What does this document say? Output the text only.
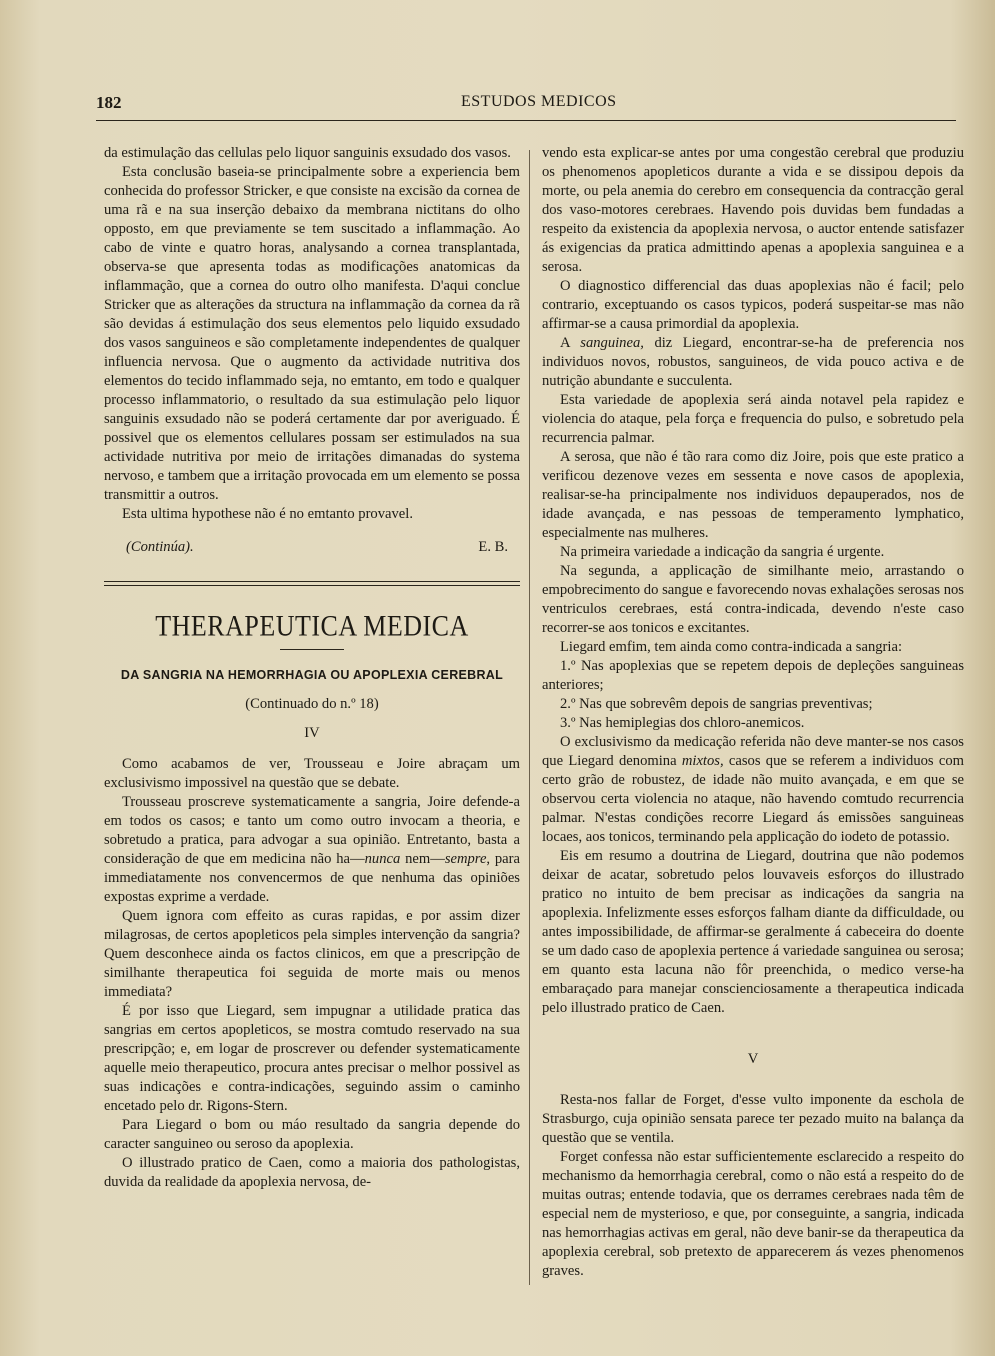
182	ESTUDOS MEDICOS

da estimulação das cellulas pelo liquor sanguinis exsudado dos vasos.

Esta conclusão baseia-se principalmente sobre a experiencia bem conhecida do professor Stricker, e que consiste na excisão da cornea de uma rã e na sua inserção debaixo da membrana nictitans do olho opposto, em que previamente se tem suscitado a inflammação. Ao cabo de vinte e quatro horas, analysando a cornea transplantada, observa-se que apresenta todas as modificações anatomicas da inflammação, que a cornea do outro olho manifesta. D'aqui conclue Stricker que as alterações da structura na inflammação da cornea da rã são devidas á estimulação dos seus elementos pelo liquido exsudado dos vasos sanguineos e são completamente independentes de qualquer influencia nervosa. Que o augmento da actividade nutritiva dos elementos do tecido inflammado seja, no emtanto, em todo e qualquer processo inflammatorio, o resultado da sua estimulação pelo liquor sanguinis exsudado não se poderá certamente dar por averiguado. É possivel que os elementos cellulares possam ser estimulados na sua actividade nutritiva por meio de irritações dimanadas do systema nervoso, e tambem que a irritação provocada em um elemento se possa transmittir a outros.

Esta ultima hypothese não é no emtanto provavel.

(Continúa).	E. B.
THERAPEUTICA MEDICA
DA SANGRIA NA HEMORRHAGIA OU APOPLEXIA CEREBRAL
(Continuado do n.º 18)
IV

Como acabamos de ver, Trousseau e Joire abraçam um exclusivismo impossivel na questão que se debate.

Trousseau proscreve systematicamente a sangria, Joire defende-a em todos os casos; e tanto um como outro invocam a theoria, e sobretudo a pratica, para advogar a sua opinião. Entretanto, basta a consideração de que em medicina não ha—nunca nem—sempre, para immediatamente nos convencermos de que nenhuma das opiniões expostas exprime a verdade.

Quem ignora com effeito as curas rapidas, e por assim dizer milagrosas, de certos apopleticos pela simples intervenção da sangria? Quem desconhece ainda os factos clinicos, em que a prescripção de similhante therapeutica foi seguida de morte mais ou menos immediata?

É por isso que Liegard, sem impugnar a utilidade pratica das sangrias em certos apopleticos, se mostra comtudo reservado na sua prescripção; e, em logar de proscrever ou defender systematicamente aquelle meio therapeutico, procura antes precisar o melhor possivel as suas indicações e contra-indicações, seguindo assim o caminho encetado pelo dr. Rigons-Stern.

Para Liegard o bom ou máo resultado da sangria depende do caracter sanguineo ou seroso da apoplexia.

O illustrado pratico de Caen, como a maioria dos pathologistas, duvida da realidade da apoplexia nervosa, de-

vendo esta explicar-se antes por uma congestão cerebral que produziu os phenomenos apopleticos durante a vida e se dissipou depois da morte, ou pela anemia do cerebro em consequencia da contracção geral dos vaso-motores cerebraes. Havendo pois duvidas bem fundadas a respeito da existencia da apoplexia nervosa, o auctor entende satisfazer ás exigencias da pratica admittindo apenas a apoplexia sanguinea e a serosa.

O diagnostico differencial das duas apoplexias não é facil; pelo contrario, exceptuando os casos typicos, poderá suspeitar-se mas não affirmar-se a causa primordial da apoplexia.

A sanguinea, diz Liegard, encontrar-se-ha de preferencia nos individuos novos, robustos, sanguineos, de vida pouco activa e de nutrição abundante e succulenta.

Esta variedade de apoplexia será ainda notavel pela rapidez e violencia do ataque, pela força e frequencia do pulso, e sobretudo pela recurrencia palmar.

A serosa, que não é tão rara como diz Joire, pois que este pratico a verificou dezenove vezes em sessenta e nove casos de apoplexia, realisar-se-ha principalmente nos individuos depauperados, nos de idade avançada, e nas pessoas de temperamento lymphatico, especialmente nas mulheres.

Na primeira variedade a indicação da sangria é urgente.

Na segunda, a applicação de similhante meio, arrastando o empobrecimento do sangue e favorecendo novas exhalações serosas nos ventriculos cerebraes, está contra-indicada, devendo n'este caso recorrer-se aos tonicos e excitantes.

Liegard emfim, tem ainda como contra-indicada a sangria:

1.º Nas apoplexias que se repetem depois de depleções sanguineas anteriores;

2.º Nas que sobrevêm depois de sangrias preventivas;

3.º Nas hemiplegias dos chloro-anemicos.

O exclusivismo da medicação referida não deve manter-se nos casos que Liegard denomina mixtos, casos que se referem a individuos com certo grão de robustez, de idade não muito avançada, e em que se observou certa violencia no ataque, não havendo comtudo recurrencia palmar. N'estas condições recorre Liegard ás emissões sanguineas locaes, aos tonicos, terminando pela applicação do iodeto de potassio.

Eis em resumo a doutrina de Liegard, doutrina que não podemos deixar de acatar, sobretudo pelos louvaveis esforços do illustrado pratico no intuito de bem precisar as indicações da sangria na apoplexia. Infelizmente esses esforços falham diante da difficuldade, ou antes impossibilidade, de affirmar-se geralmente á cabeceira do doente se um dado caso de apoplexia pertence á variedade sanguinea ou serosa; em quanto esta lacuna não fôr preenchida, o medico verse-ha embaraçado para manejar conscienciosamente a therapeutica indicada pelo illustrado pratico de Caen.

V

Resta-nos fallar de Forget, d'esse vulto imponente da eschola de Strasburgo, cuja opinião sensata parece ter pezado muito na balança da questão que se ventila.

Forget confessa não estar sufficientemente esclarecido a respeito do mechanismo da hemorrhagia cerebral, como o não está a respeito do de muitas outras; entende todavia, que os derrames cerebraes nada têm de especial nem de mysterioso, e que, por conseguinte, a sangria, indicada nas hemorrhagias activas em geral, não deve banir-se da therapeutica da apoplexia cerebral, sob pretexto de apparecerem ás vezes phenomenos graves.
